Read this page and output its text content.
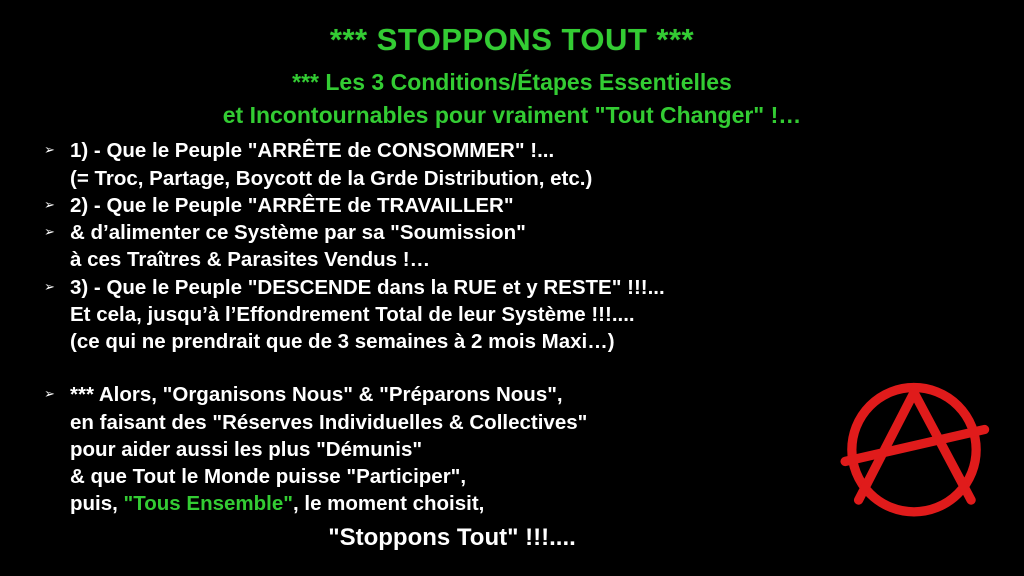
*** STOPPONS TOUT ***
*** Les 3 Conditions/Étapes Essentielles
et Incontournables pour vraiment "Tout Changer" !…
➢ 1) - Que le Peuple "ARRÊTE de CONSOMMER" !...
(= Troc, Partage, Boycott de la Grde Distribution, etc.)
➢ 2) - Que le Peuple "ARRÊTE de TRAVAILLER"
➢ & d’alimenter ce Système par sa "Soumission"
à ces Traîtres & Parasites Vendus !…
➢ 3) - Que le Peuple "DESCENDE dans la RUE et y RESTE" !!!...
Et cela, jusqu’à l’Effondrement Total de leur Système !!!....
(ce qui ne prendrait que de 3 semaines à 2 mois Maxi…)
➢ *** Alors, "Organisons Nous" & "Préparons Nous",
en faisant des "Réserves Individuelles & Collectives"
pour aider aussi les plus "Démunis"
& que Tout le Monde puisse "Participer",
puis, "Tous Ensemble", le moment choisit,
"Stoppons Tout" !!!....
